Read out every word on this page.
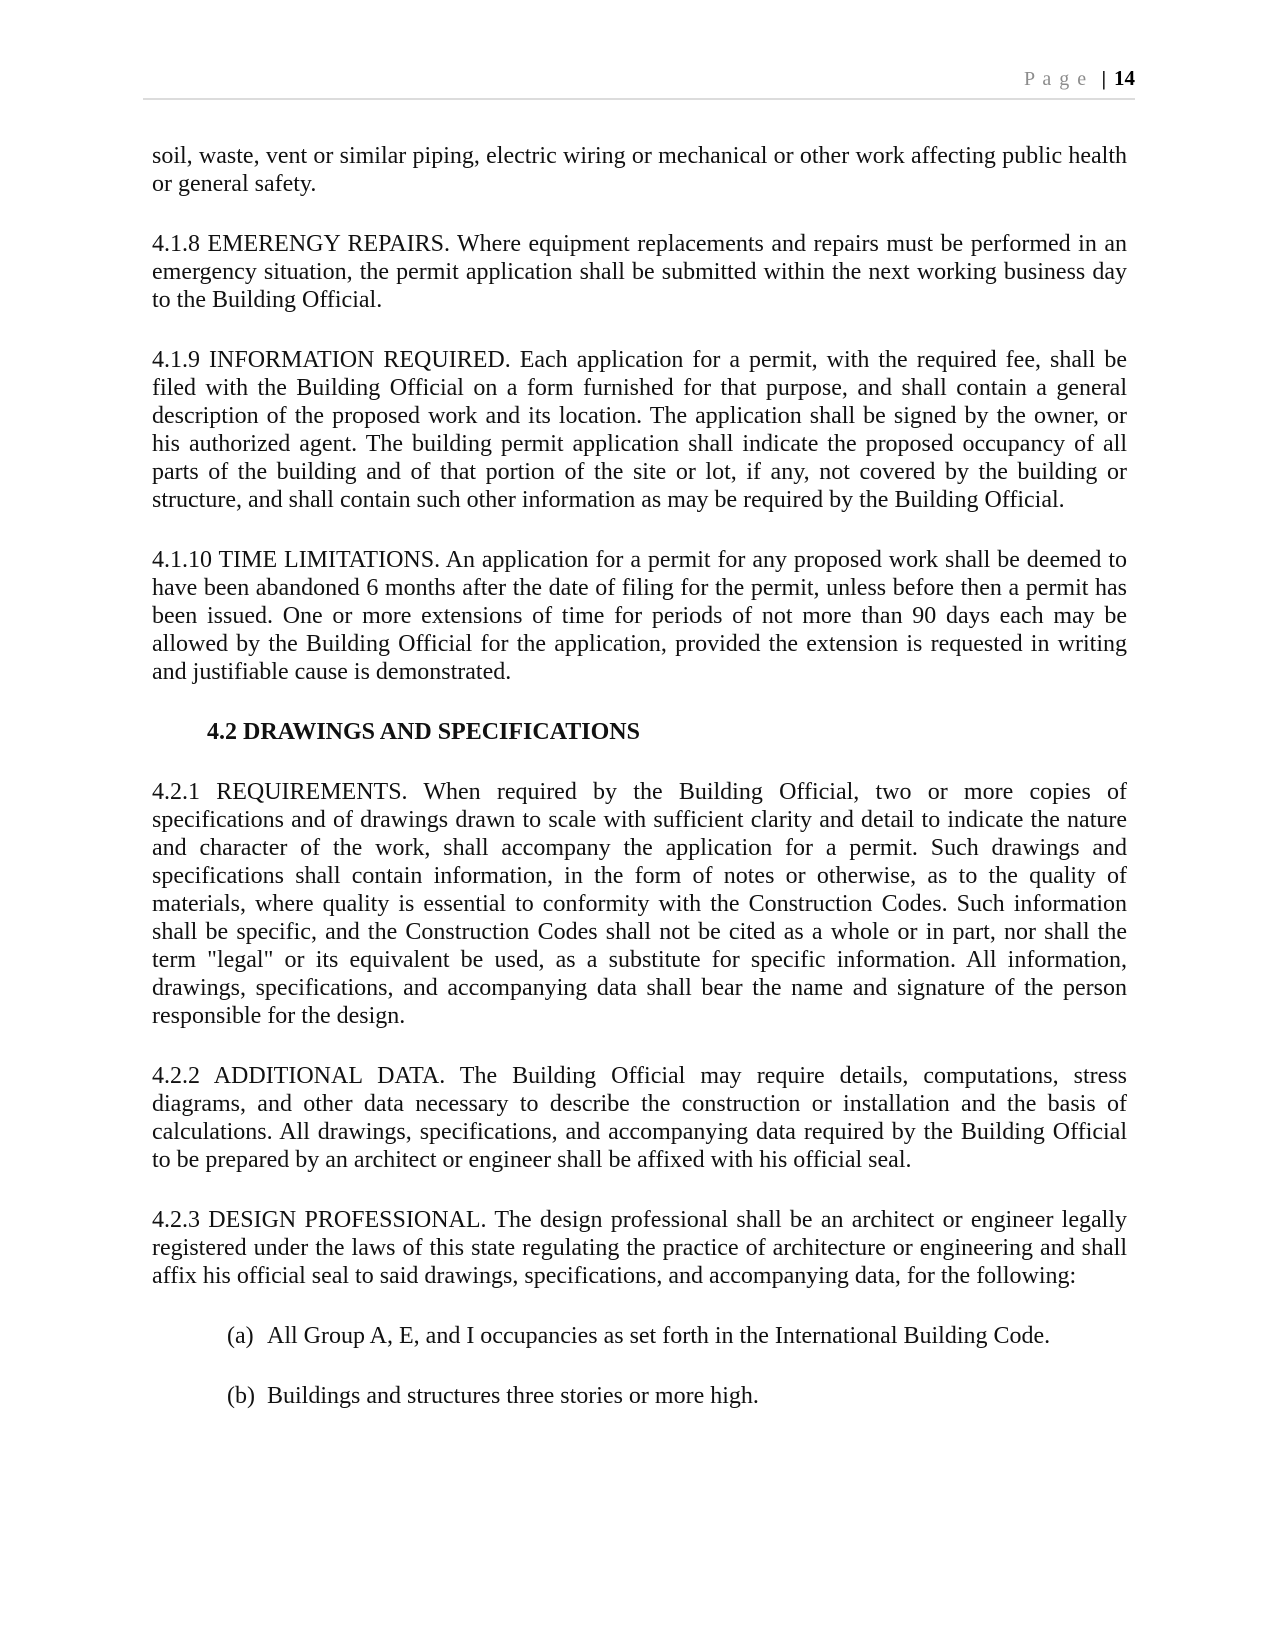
P a g e | 14

soil, waste, vent or similar piping, electric wiring or mechanical or other work affecting public health or general safety.

4.1.8 EMERENGY REPAIRS. Where equipment replacements and repairs must be performed in an emergency situation, the permit application shall be submitted within the next working business day to the Building Official.

4.1.9 INFORMATION REQUIRED. Each application for a permit, with the required fee, shall be filed with the Building Official on a form furnished for that purpose, and shall contain a general description of the proposed work and its location. The application shall be signed by the owner, or his authorized agent. The building permit application shall indicate the proposed occupancy of all parts of the building and of that portion of the site or lot, if any, not covered by the building or structure, and shall contain such other information as may be required by the Building Official.

4.1.10 TIME LIMITATIONS. An application for a permit for any proposed work shall be deemed to have been abandoned 6 months after the date of filing for the permit, unless before then a permit has been issued. One or more extensions of time for periods of not more than 90 days each may be allowed by the Building Official for the application, provided the extension is requested in writing and justifiable cause is demonstrated.

4.2 DRAWINGS AND SPECIFICATIONS

4.2.1 REQUIREMENTS. When required by the Building Official, two or more copies of specifications and of drawings drawn to scale with sufficient clarity and detail to indicate the nature and character of the work, shall accompany the application for a permit. Such drawings and specifications shall contain information, in the form of notes or otherwise, as to the quality of materials, where quality is essential to conformity with the Construction Codes. Such information shall be specific, and the Construction Codes shall not be cited as a whole or in part, nor shall the term "legal" or its equivalent be used, as a substitute for specific information. All information, drawings, specifications, and accompanying data shall bear the name and signature of the person responsible for the design.

4.2.2 ADDITIONAL DATA. The Building Official may require details, computations, stress diagrams, and other data necessary to describe the construction or installation and the basis of calculations. All drawings, specifications, and accompanying data required by the Building Official to be prepared by an architect or engineer shall be affixed with his official seal.

4.2.3 DESIGN PROFESSIONAL. The design professional shall be an architect or engineer legally registered under the laws of this state regulating the practice of architecture or engineering and shall affix his official seal to said drawings, specifications, and accompanying data, for the following:

(a) All Group A, E, and I occupancies as set forth in the International Building Code.
(b) Buildings and structures three stories or more high.
